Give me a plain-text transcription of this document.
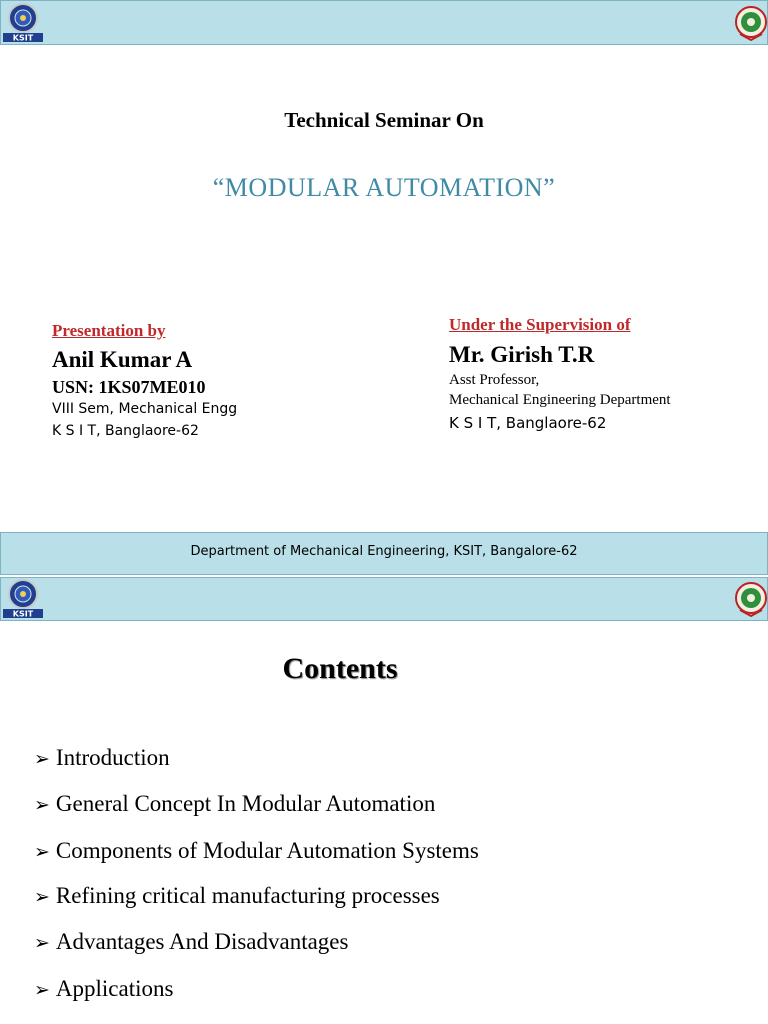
KSIT
Technical Seminar On
“MODULAR AUTOMATION”
Presentation by
Anil Kumar A
USN: 1KS07ME010
VIII Sem, Mechanical Engg
K S I T, Banglaore-62
Under the Supervision of
Mr. Girish T.R
Asst Professor,
Mechanical Engineering Department
K S I T, Banglaore-62
Department of Mechanical Engineering, KSIT, Bangalore-62
KSIT
Contents
➢ Introduction
➢ General Concept In Modular Automation
➢ Components of Modular Automation Systems
➢ Refining critical manufacturing processes
➢ Advantages And Disadvantages
➢ Applications
